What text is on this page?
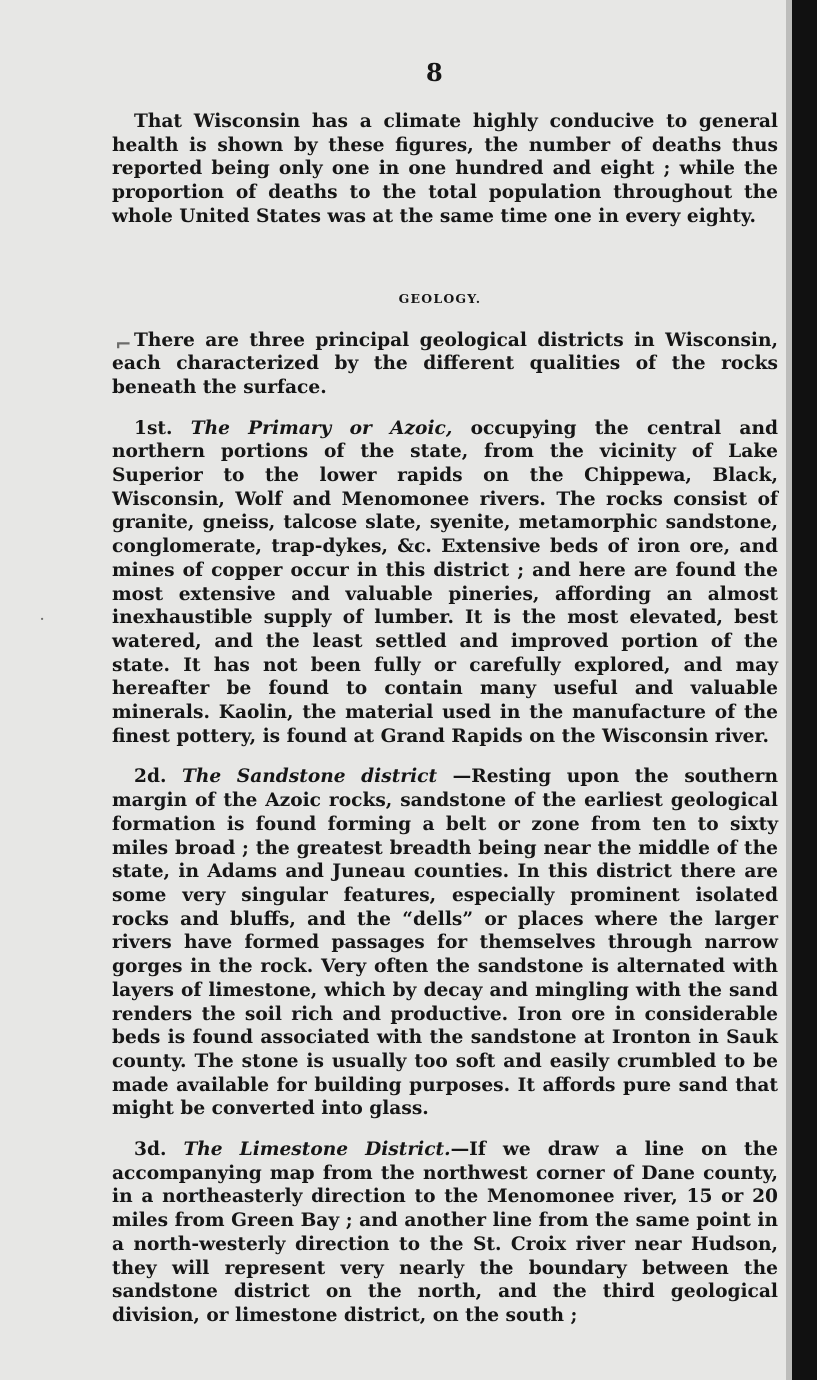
8
⌐
·

That Wisconsin has a climate highly conducive to general health is shown by these figures, the number of deaths thus reported being only one in one hundred and eight ; while the proportion of deaths to the total population throughout the whole United States was at the same time one in every eighty.

GEOLOGY.

There are three principal geological districts in Wisconsin, each characterized by the different qualities of the rocks beneath the surface.

1st. The Primary or Azoic, occupying the central and northern portions of the state, from the vicinity of Lake Superior to the lower rapids on the Chippewa, Black, Wisconsin, Wolf and Menomonee rivers. The rocks consist of granite, gneiss, talcose slate, syenite, metamorphic sandstone, conglomerate, trap-dykes, &c. Extensive beds of iron ore, and mines of copper occur in this district ; and here are found the most extensive and valuable pineries, affording an almost inexhaustible supply of lumber. It is the most elevated, best watered, and the least settled and improved portion of the state. It has not been fully or carefully explored, and may hereafter be found to contain many useful and valuable minerals. Kaolin, the material used in the manufacture of the finest pottery, is found at Grand Rapids on the Wisconsin river.

2d. The Sandstone district —Resting upon the southern margin of the Azoic rocks, sandstone of the earliest geological formation is found forming a belt or zone from ten to sixty miles broad ; the greatest breadth being near the middle of the state, in Adams and Juneau counties. In this district there are some very singular features, especially prominent isolated rocks and bluffs, and the “dells” or places where the larger rivers have formed passages for themselves through narrow gorges in the rock. Very often the sandstone is alternated with layers of limestone, which by decay and mingling with the sand renders the soil rich and productive. Iron ore in considerable beds is found associated with the sandstone at Ironton in Sauk county. The stone is usually too soft and easily crumbled to be made available for building purposes. It affords pure sand that might be converted into glass.

3d. The Limestone District.—If we draw a line on the accompanying map from the northwest corner of Dane county, in a northeasterly direction to the Menomonee river, 15 or 20 miles from Green Bay ; and another line from the same point in a north-westerly direction to the St. Croix river near Hudson, they will represent very nearly the boundary between the sandstone district on the north, and the third geological division, or limestone district, on the south ;
